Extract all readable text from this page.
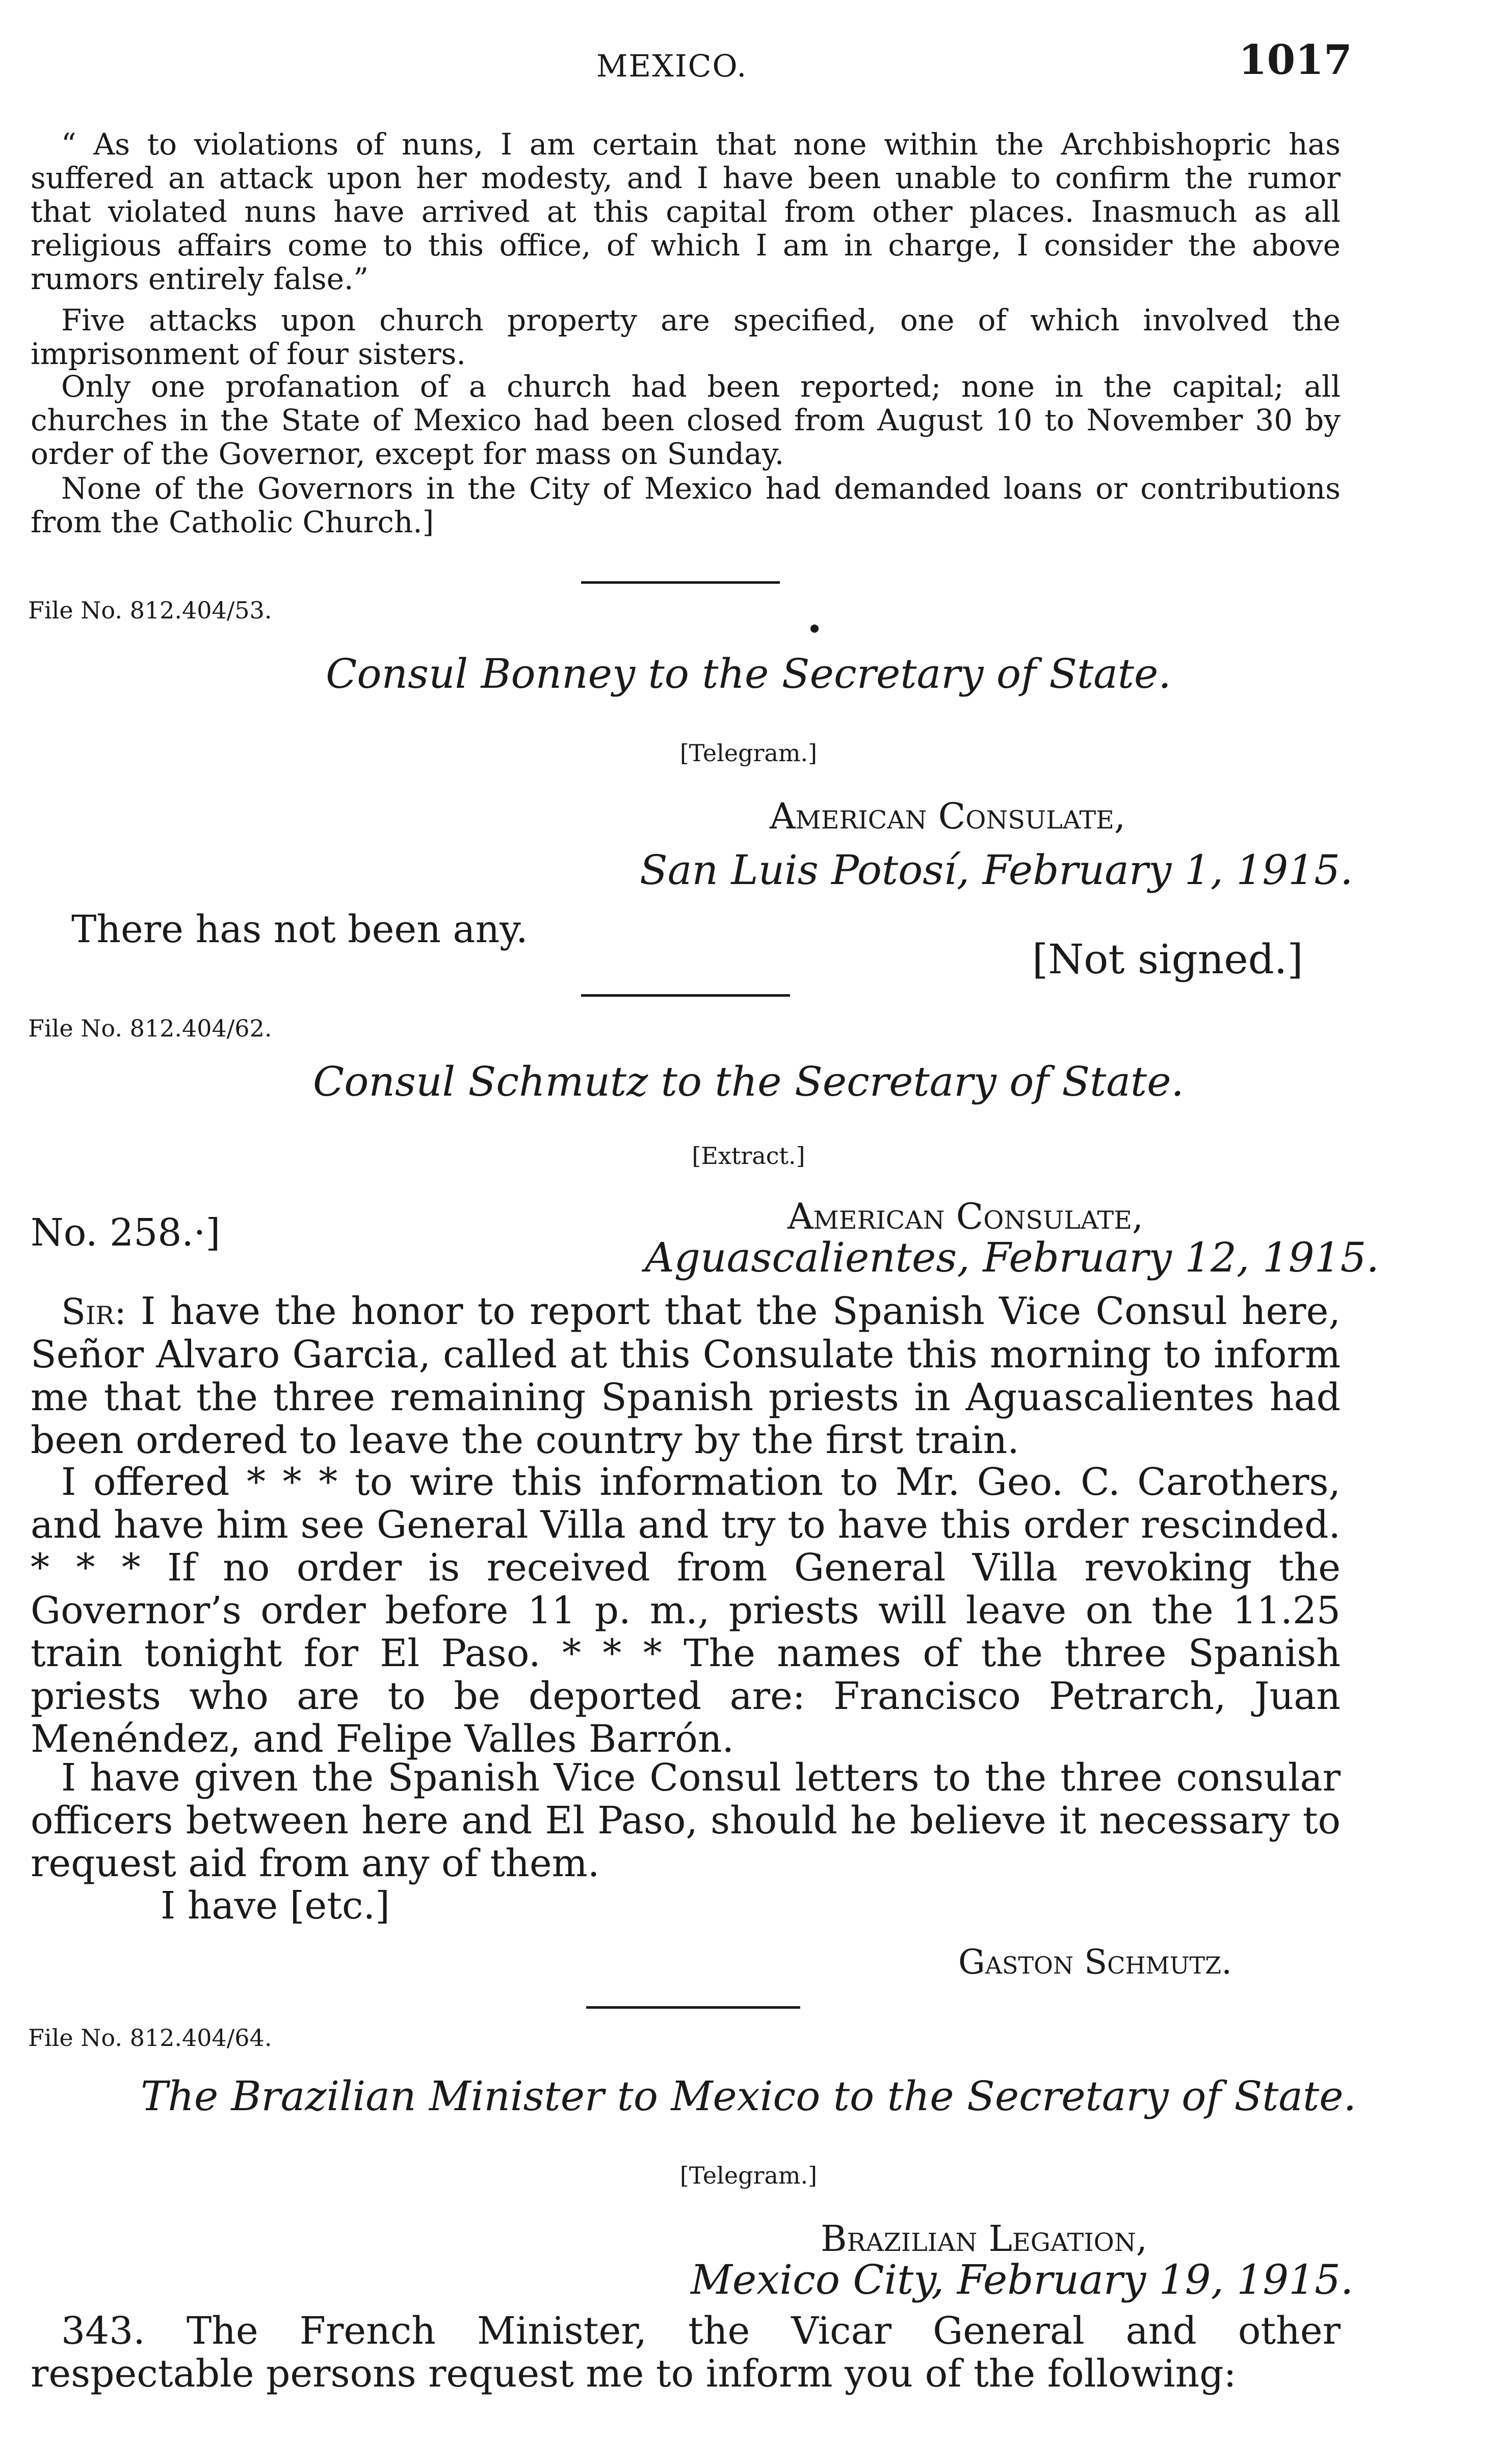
MEXICO.	1017
“ As to violations of nuns, I am certain that none within the Archbishopric has suffered an attack upon her modesty, and I have been unable to confirm the rumor that violated nuns have arrived at this capital from other places. Inasmuch as all religious affairs come to this office, of which I am in charge, I consider the above rumors entirely false.”
Five attacks upon church property are specified, one of which involved the imprisonment of four sisters.
Only one profanation of a church had been reported; none in the capital; all churches in the State of Mexico had been closed from August 10 to November 30 by order of the Governor, except for mass on Sunday.
None of the Governors in the City of Mexico had demanded loans or contributions from the Catholic Church.]
File No. 812.404/53.
Consul Bonney to the Secretary of State.
[Telegram.]
American Consulate,
San Luis Potosí, February 1, 1915.
There has not been any.
[Not signed.]
File No. 812.404/62.
Consul Schmutz to the Secretary of State.
[Extract.]
No. 258.·]	American Consulate,
Aguascalientes, February 12, 1915.
Sir: I have the honor to report that the Spanish Vice Consul here, Señor Alvaro Garcia, called at this Consulate this morning to inform me that the three remaining Spanish priests in Aguascalientes had been ordered to leave the country by the first train.
I offered * * * to wire this information to Mr. Geo. C. Carothers, and have him see General Villa and try to have this order rescinded. * * * If no order is received from General Villa revoking the Governor’s order before 11 p. m., priests will leave on the 11.25 train tonight for El Paso. * * * The names of the three Spanish priests who are to be deported are: Francisco Petrarch, Juan Menéndez, and Felipe Valles Barrón.
I have given the Spanish Vice Consul letters to the three consular officers between here and El Paso, should he believe it necessary to request aid from any of them.
I have [etc.]
Gaston Schmutz.
File No. 812.404/64.
The Brazilian Minister to Mexico to the Secretary of State.
[Telegram.]
Brazilian Legation,
Mexico City, February 19, 1915.
343. The French Minister, the Vicar General and other respectable persons request me to inform you of the following:
